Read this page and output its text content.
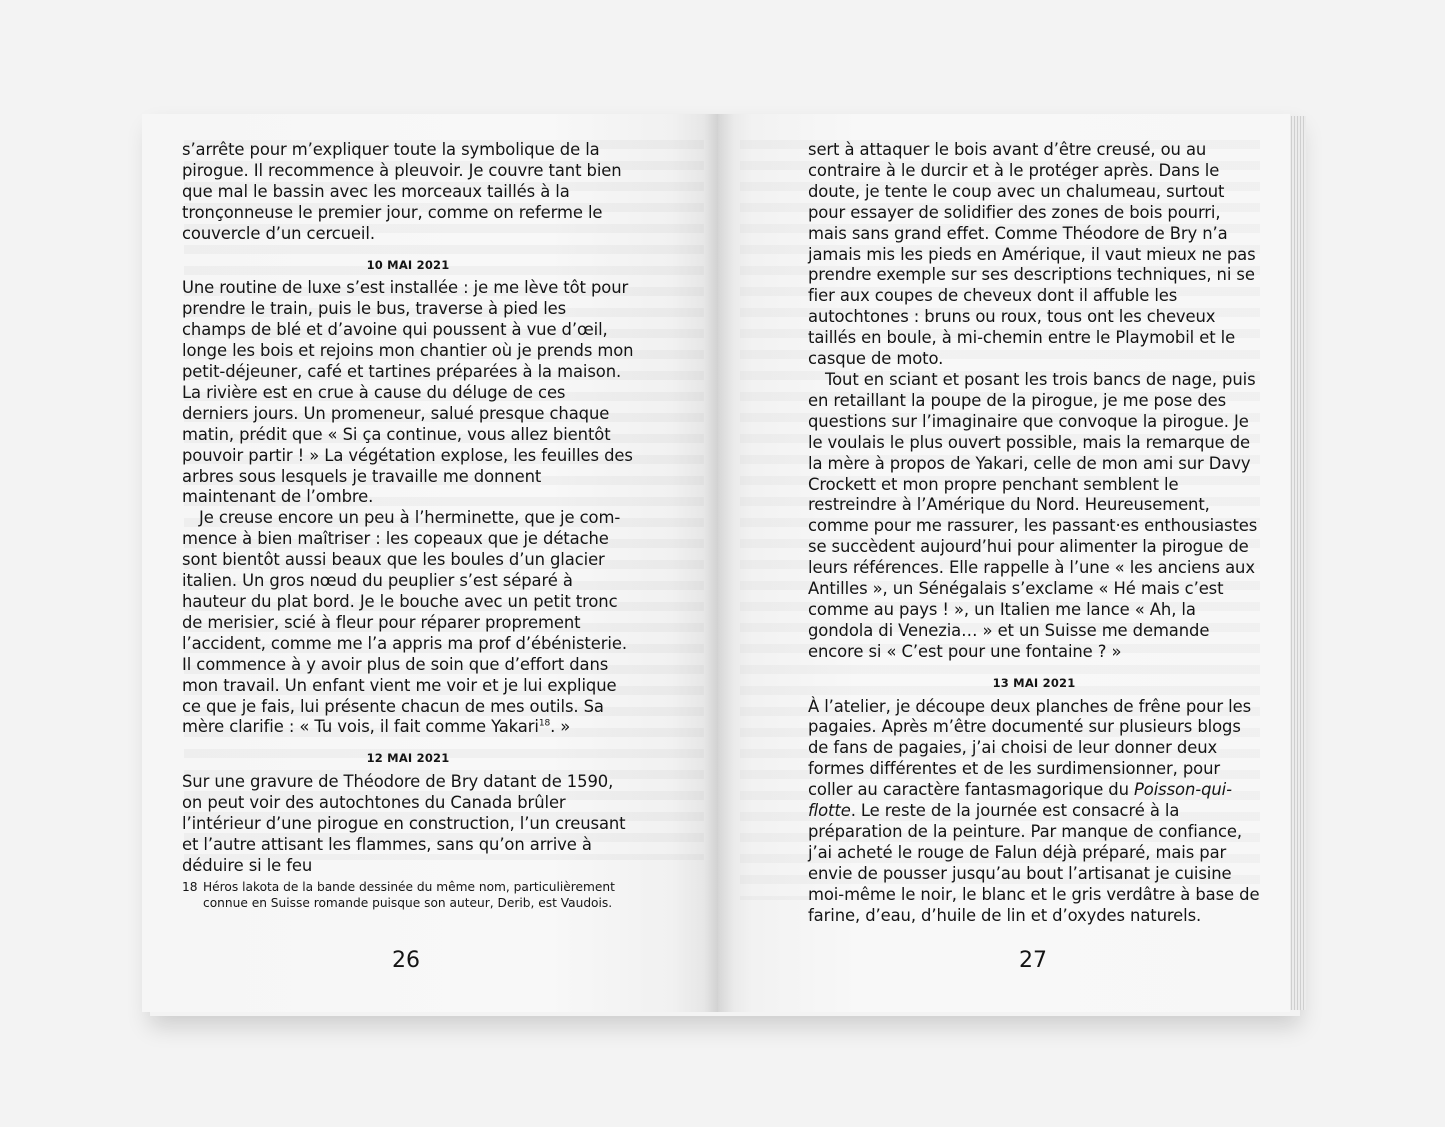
s’arrête pour m’expliquer toute la symbolique de la pirogue. Il recommence à pleuvoir. Je couvre tant bien que mal le bassin avec les morceaux taillés à la tronçonneuse le premier jour, comme on referme le couvercle d’un cercueil.

10 MAI 2021

Une routine de luxe s’est installée : je me lève tôt pour prendre le train, puis le bus, traverse à pied les champs de blé et d’avoine qui poussent à vue d’œil, longe les bois et rejoins mon chantier où je prends mon petit-déjeuner, café et tartines préparées à la maison. La rivière est en crue à cause du déluge de ces derniers jours. Un promeneur, salué presque chaque matin, prédit que « Si ça continue, vous allez bientôt pouvoir partir ! » La végétation explose, les feuilles des arbres sous lesquels je travaille me donnent maintenant de l’ombre.

Je creuse encore un peu à l’herminette, que je commence à bien maîtriser : les copeaux que je détache sont bientôt aussi beaux que les boules d’un glacier italien. Un gros nœud du peuplier s’est séparé à hauteur du plat bord. Je le bouche avec un petit tronc de merisier, scié à fleur pour réparer proprement l’accident, comme me l’a appris ma prof d’ébénisterie. Il commence à y avoir plus de soin que d’effort dans mon travail. Un enfant vient me voir et je lui explique ce que je fais, lui présente chacun de mes outils. Sa mère clarifie : « Tu vois, il fait comme Yakari$^{18}$. »

12 MAI 2021

Sur une gravure de Théodore de Bry datant de 1590, on peut voir des autochtones du Canada brûler l’intérieur d’une pirogue en construction, l’un creusant et l’autre attisant les flammes, sans qu’on arrive à déduire si le feu

18 Héros lakota de la bande dessinée du même nom, particulièrement connue en Suisse romande puisque son auteur, Derib, est Vaudois.
26

sert à attaquer le bois avant d’être creusé, ou au contraire à le durcir et à le protéger après. Dans le doute, je tente le coup avec un chalumeau, surtout pour essayer de solidifier des zones de bois pourri, mais sans grand effet. Comme Théodore de Bry n’a jamais mis les pieds en Amérique, il vaut mieux ne pas prendre exemple sur ses descriptions techniques, ni se fier aux coupes de cheveux dont il affuble les autochtones : bruns ou roux, tous ont les cheveux taillés en boule, à mi-chemin entre le Playmobil et le casque de moto.

Tout en sciant et posant les trois bancs de nage, puis en retaillant la poupe de la pirogue, je me pose des questions sur l’imaginaire que convoque la pirogue. Je le voulais le plus ouvert possible, mais la remarque de la mère à propos de Yakari, celle de mon ami sur Davy Crockett et mon propre penchant semblent le restreindre à l’Amérique du Nord. Heureusement, comme pour me rassurer, les passant·es enthousiastes se succèdent aujourd’hui pour alimenter la pirogue de leurs références. Elle rappelle à l’une « les anciens aux Antilles », un Sénégalais s’exclame « Hé mais c’est comme au pays ! », un Italien me lance « Ah, la gondola di Venezia… » et un Suisse me demande encore si « C’est pour une fontaine ? »

13 MAI 2021

À l’atelier, je découpe deux planches de frêne pour les pagaies. Après m’être documenté sur plusieurs blogs de fans de pagaies, j’ai choisi de leur donner deux formes différentes et de les surdimensionner, pour coller au caractère fantasmagorique du Poisson-qui-flotte. Le reste de la journée est consacré à la préparation de la peinture. Par manque de confiance, j’ai acheté le rouge de Falun déjà préparé, mais par envie de pousser jusqu’au bout l’artisanat je cuisine moi-même le noir, le blanc et le gris verdâtre à base de farine, d’eau, d’huile de lin et d’oxydes naturels.

27
